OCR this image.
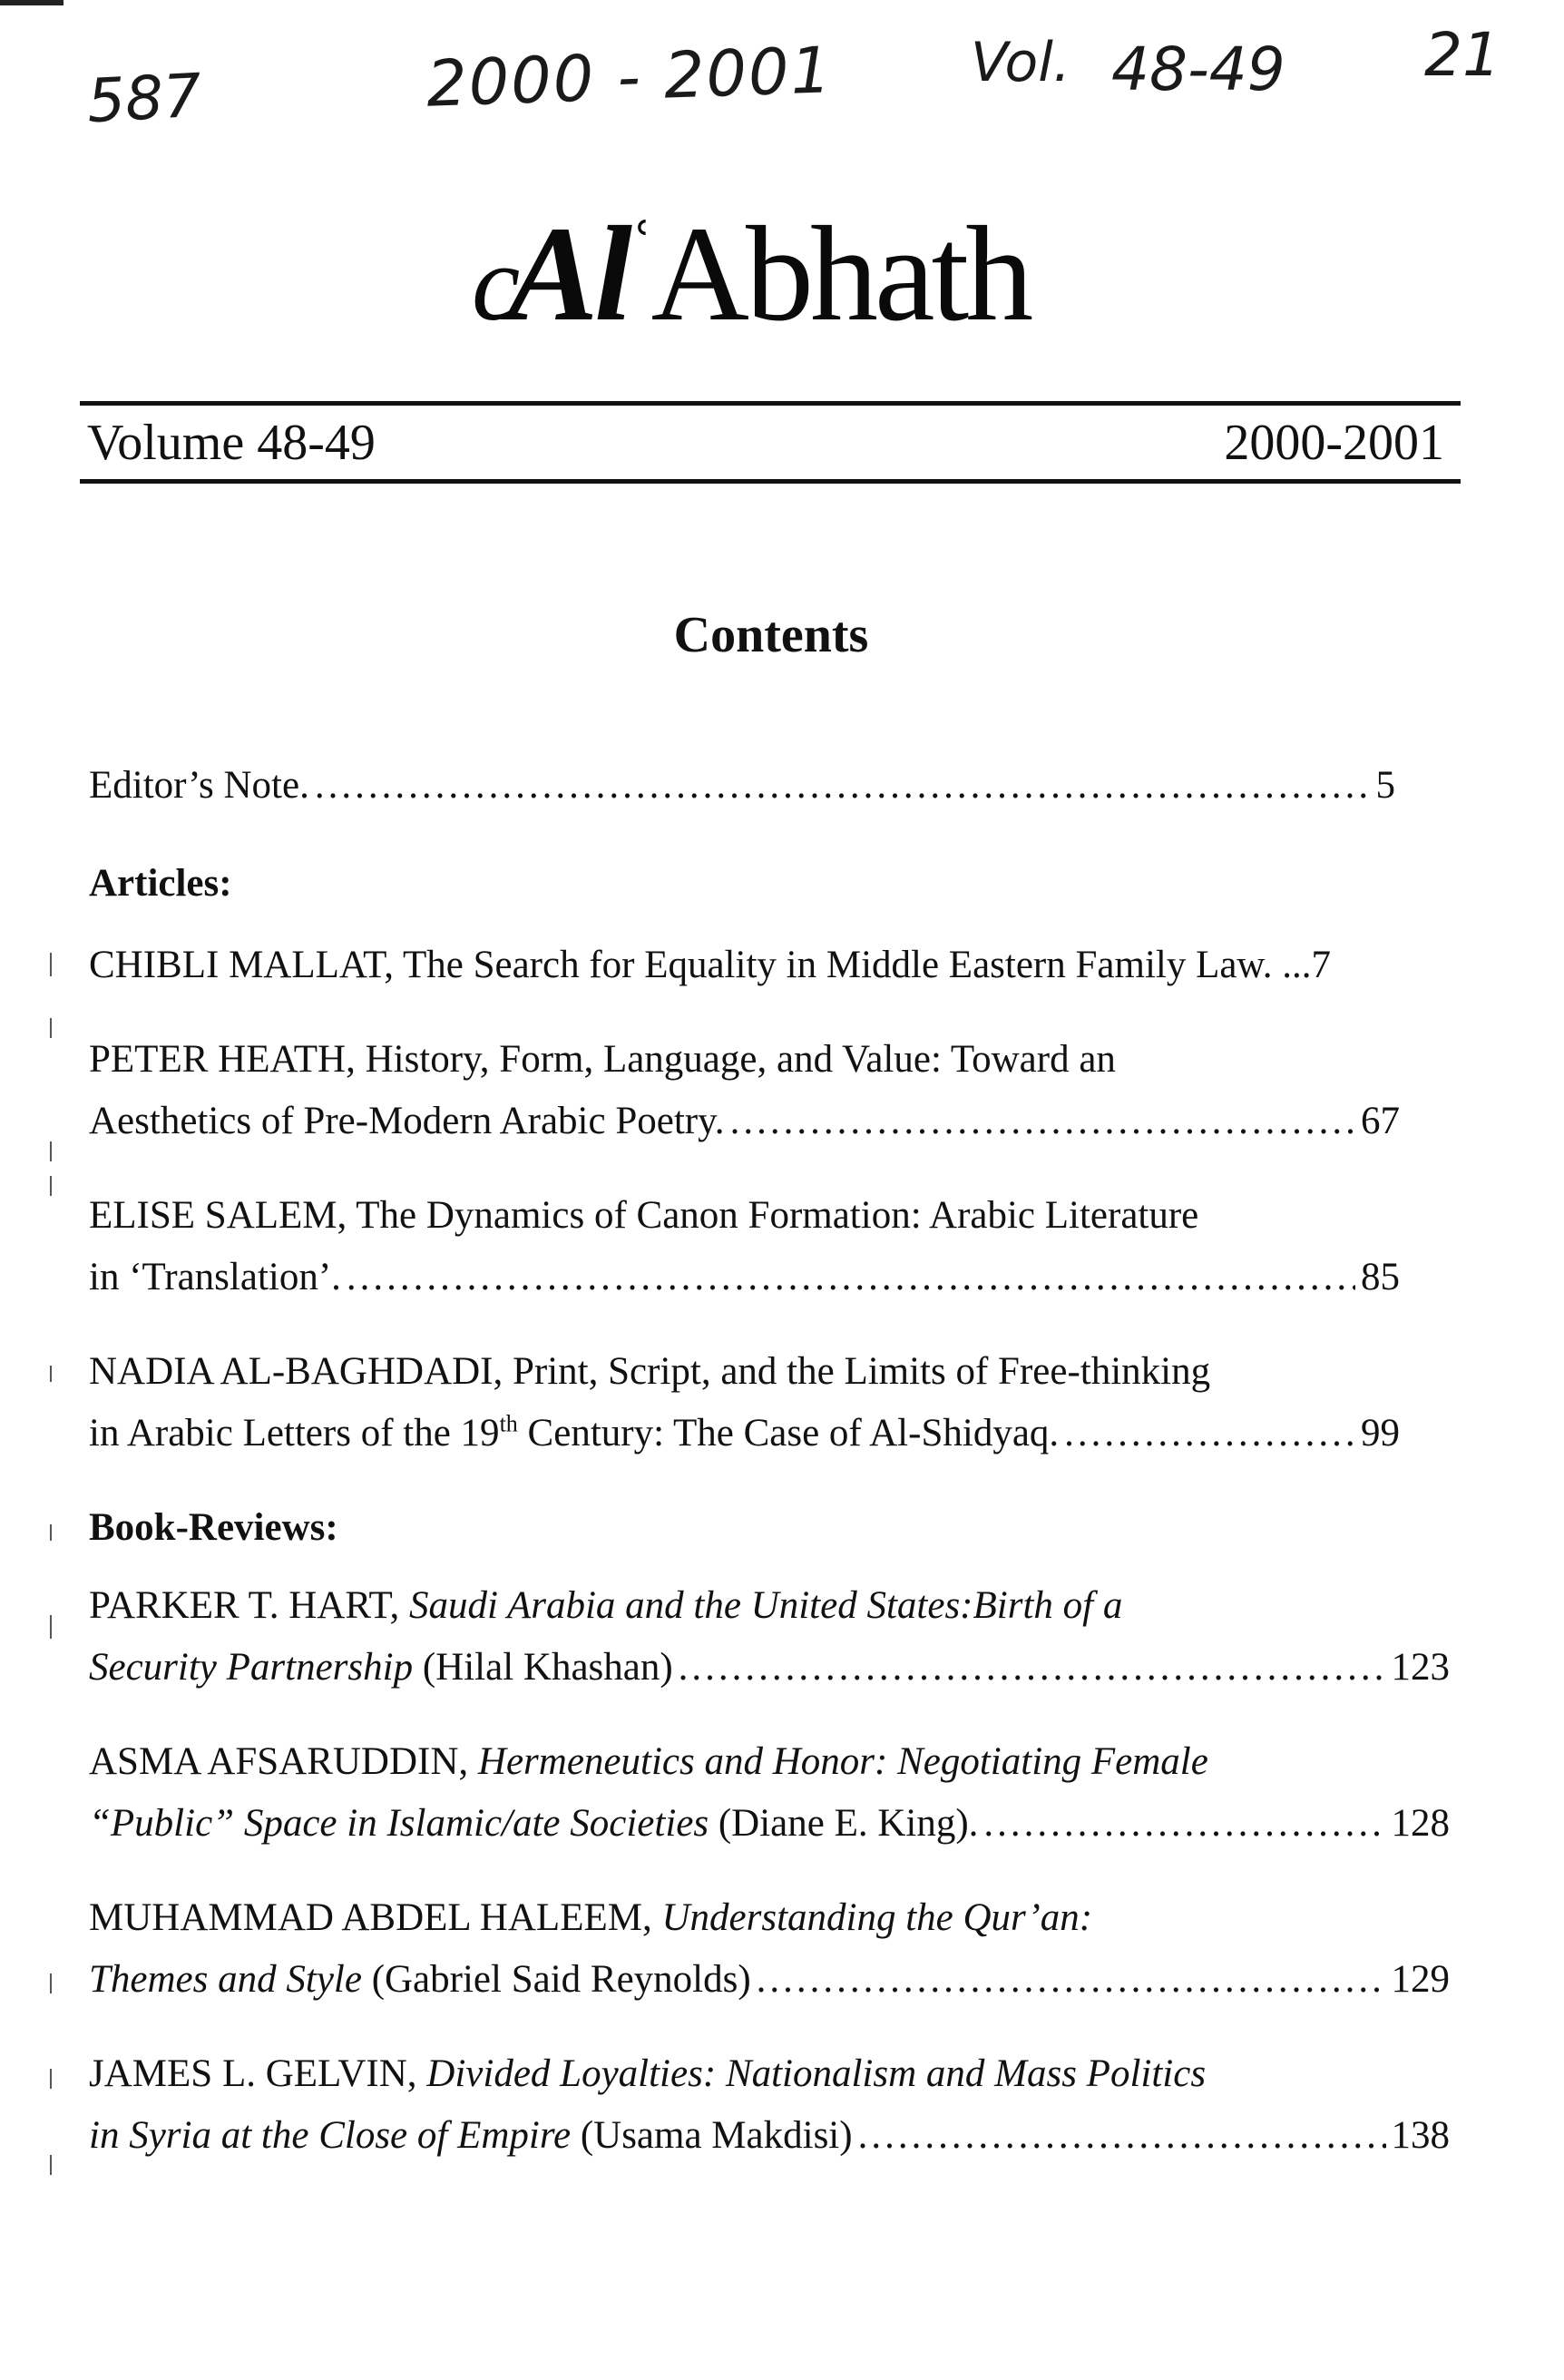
587	2000 - 2001	Vol. 48-49 21
cAl$^ʿ$Abhath
Volume 48-49	2000-2001
Contents
Editor’s Note. .....	5
Articles:
CHIBLI MALLAT, The Search for Equality in Middle Eastern Family Law. ...7
PETER HEATH, History, Form, Language, and Value: Toward an
Aesthetics of Pre-Modern Arabic Poetry. .....	67
ELISE SALEM, The Dynamics of Canon Formation: Arabic Literature
in ‘Translation’. .....	85
NADIA AL-BAGHDADI, Print, Script, and the Limits of Free-thinking
in Arabic Letters of the 19th Century: The Case of Al-Shidyaq. .....	99
Book-Reviews:
PARKER T. HART, Saudi Arabia and the United States:Birth of a
Security Partnership (Hilal Khashan) .....	123
ASMA AFSARUDDIN, Hermeneutics and Honor: Negotiating Female
“Public” Space in Islamic/ate Societies (Diane E. King). .....	128
MUHAMMAD ABDEL HALEEM, Understanding the Qur’an:
Themes and Style (Gabriel Said Reynolds) .....	129
JAMES L. GELVIN, Divided Loyalties: Nationalism and Mass Politics
in Syria at the Close of Empire (Usama Makdisi) .....	138
